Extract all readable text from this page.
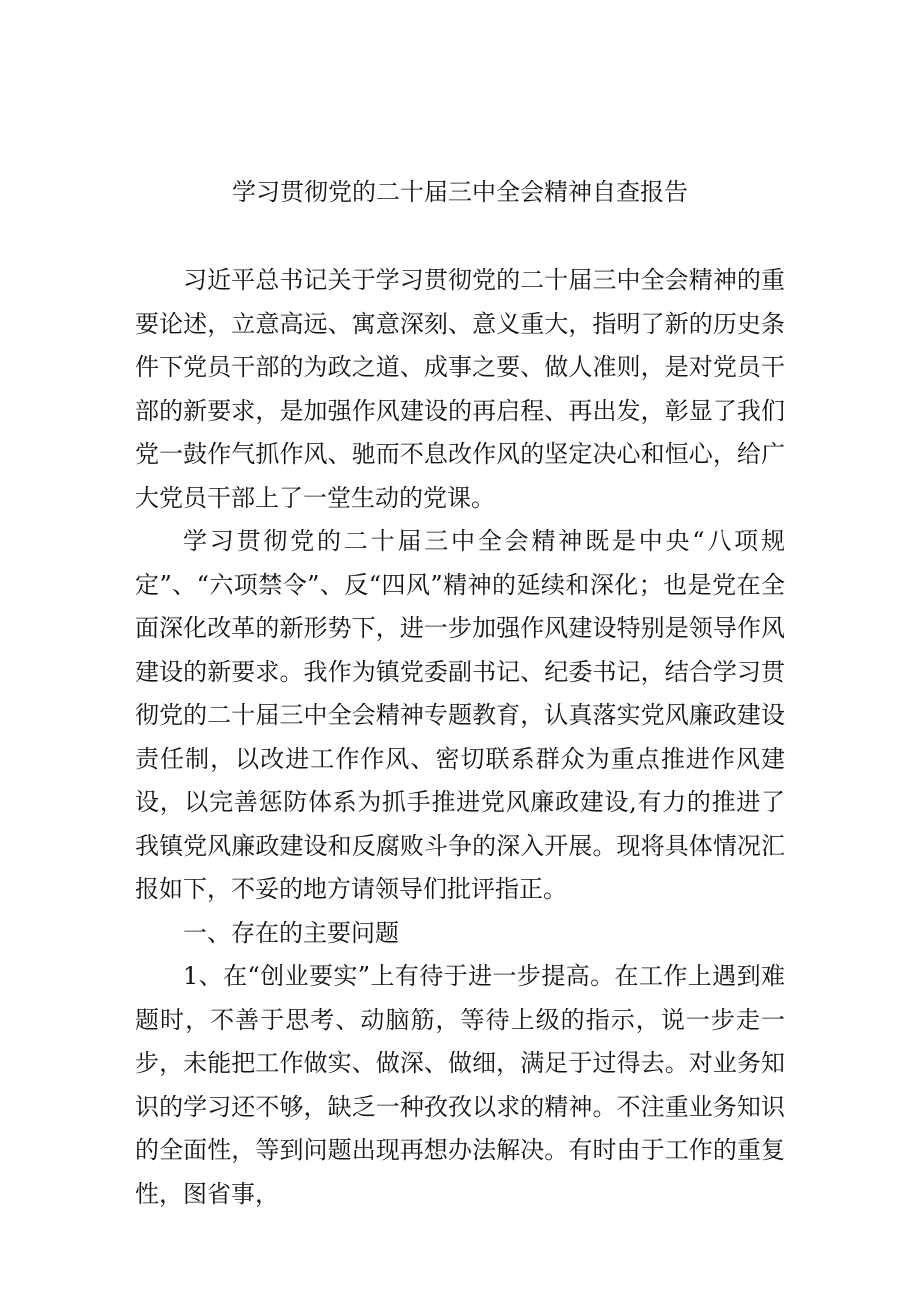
学习贯彻党的二十届三中全会精神自查报告

习近平总书记关于学习贯彻党的二十届三中全会精神的重要论述，立意高远、寓意深刻、意义重大，指明了新的历史条件下党员干部的为政之道、成事之要、做人准则，是对党员干部的新要求，是加强作风建设的再启程、再出发，彰显了我们党一鼓作气抓作风、驰而不息改作风的坚定决心和恒心，给广大党员干部上了一堂生动的党课。

学习贯彻党的二十届三中全会精神既是中央“八项规定”、“六项禁令”、反“四风”精神的延续和深化；也是党在全面深化改革的新形势下，进一步加强作风建设特别是领导作风建设的新要求。我作为镇党委副书记、纪委书记，结合学习贯彻党的二十届三中全会精神专题教育，认真落实党风廉政建设责任制，以改进工作作风、密切联系群众为重点推进作风建设，以完善惩防体系为抓手推进党风廉政建设,有力的推进了我镇党风廉政建设和反腐败斗争的深入开展。现将具体情况汇报如下，不妥的地方请领导们批评指正。

一、存在的主要问题

1、在“创业要实”上有待于进一步提高。在工作上遇到难题时，不善于思考、动脑筋，等待上级的指示，说一步走一步，未能把工作做实、做深、做细，满足于过得去。对业务知识的学习还不够，缺乏一种孜孜以求的精神。不注重业务知识的全面性，等到问题出现再想办法解决。有时由于工作的重复性，图省事，
